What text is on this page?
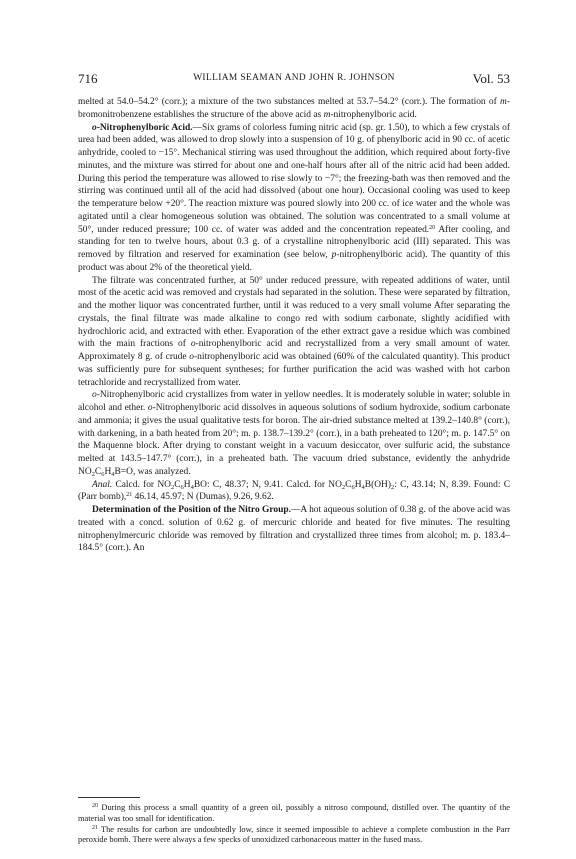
716	WILLIAM SEAMAN AND JOHN R. JOHNSON	Vol. 53

melted at 54.0–54.2° (corr.); a mixture of the two substances melted at 53.7–54.2° (corr.). The formation of m-bromonitrobenzene establishes the structure of the above acid as m-nitrophenylboric acid.

o-Nitrophenylboric Acid.—Six grams of colorless fuming nitric acid (sp. gr. 1.50), to which a few crystals of urea had been added, was allowed to drop slowly into a suspension of 10 g. of phenylboric acid in 90 cc. of acetic anhydride, cooled to −15°. Mechanical stirring was used throughout the addition, which required about forty-five minutes, and the mixture was stirred for about one and one-half hours after all of the nitric acid had been added. During this period the temperature was allowed to rise slowly to −7°; the freezing-bath was then removed and the stirring was continued until all of the acid had dissolved (about one hour). Occasional cooling was used to keep the temperature below +20°. The reaction mixture was poured slowly into 200 cc. of ice water and the whole was agitated until a clear homogeneous solution was obtained. The solution was concentrated to a small volume at 50°, under reduced pressure; 100 cc. of water was added and the concentration repeated.$^{20}$ After cooling, and standing for ten to twelve hours, about 0.3 g. of a crystalline nitrophenylboric acid (III) separated. This was removed by filtration and reserved for examination (see below, p-nitrophenylboric acid). The quantity of this product was about 2% of the theoretical yield.

The filtrate was concentrated further, at 50° under reduced pressure, with repeated additions of water, until most of the acetic acid was removed and crystals had separated in the solution. These were separated by filtration, and the mother liquor was concentrated further, until it was reduced to a very small volume After separating the crystals, the final filtrate was made alkaline to congo red with sodium carbonate, slightly acidified with hydrochloric acid, and extracted with ether. Evaporation of the ether extract gave a residue which was combined with the main fractions of o-nitrophenylboric acid and recrystallized from a very small amount of water. Approximately 8 g. of crude o-nitrophenylboric acid was obtained (60% of the calculated quantity). This product was sufficiently pure for subsequent syntheses; for further purification the acid was washed with hot carbon tetrachloride and recrystallized from water.

o-Nitrophenylboric acid crystallizes from water in yellow needles. It is moderately soluble in water; soluble in alcohol and ether. o-Nitrophenylboric acid dissolves in aqueous solutions of sodium hydroxide, sodium carbonate and ammonia; it gives the usual qualitative tests for boron. The air-dried substance melted at 139.2–140.8° (corr.), with darkening, in a bath heated from 20°; m. p. 138.7–139.2° (corr.), in a bath preheated to 120°; m. p. 147.5° on the Maquenne block. After drying to constant weight in a vacuum desiccator, over sulfuric acid, the substance melted at 143.5–147.7° (corr.), in a preheated bath. The vacuum dried substance, evidently the anhydride $NO_2C_6H_4B=O$, was analyzed.

Anal. Calcd. for $NO_2C_6H_4BO$: C, 48.37; N, 9.41. Calcd. for $NO_2C_6H_4B(OH)_2$: C, 43.14; N, 8.39. Found: C (Parr bomb),$^{21}$ 46.14, 45.97; N (Dumas), 9.26, 9.62.

Determination of the Position of the Nitro Group.—A hot aqueous solution of 0.38 g. of the above acid was treated with a concd. solution of 0.62 g. of mercuric chloride and heated for five minutes. The resulting nitrophenylmercuric chloride was removed by filtration and crystallized three times from alcohol; m. p. 183.4–184.5° (corr.). An

$^{20}$ During this process a small quantity of a green oil, possibly a nitroso compound, distilled over. The quantity of the material was too small for identification.

$^{21}$ The results for carbon are undoubtedly low, since it seemed impossible to achieve a complete combustion in the Parr peroxide bomb. There were always a few specks of unoxidized carbonaceous matter in the fused mass.
